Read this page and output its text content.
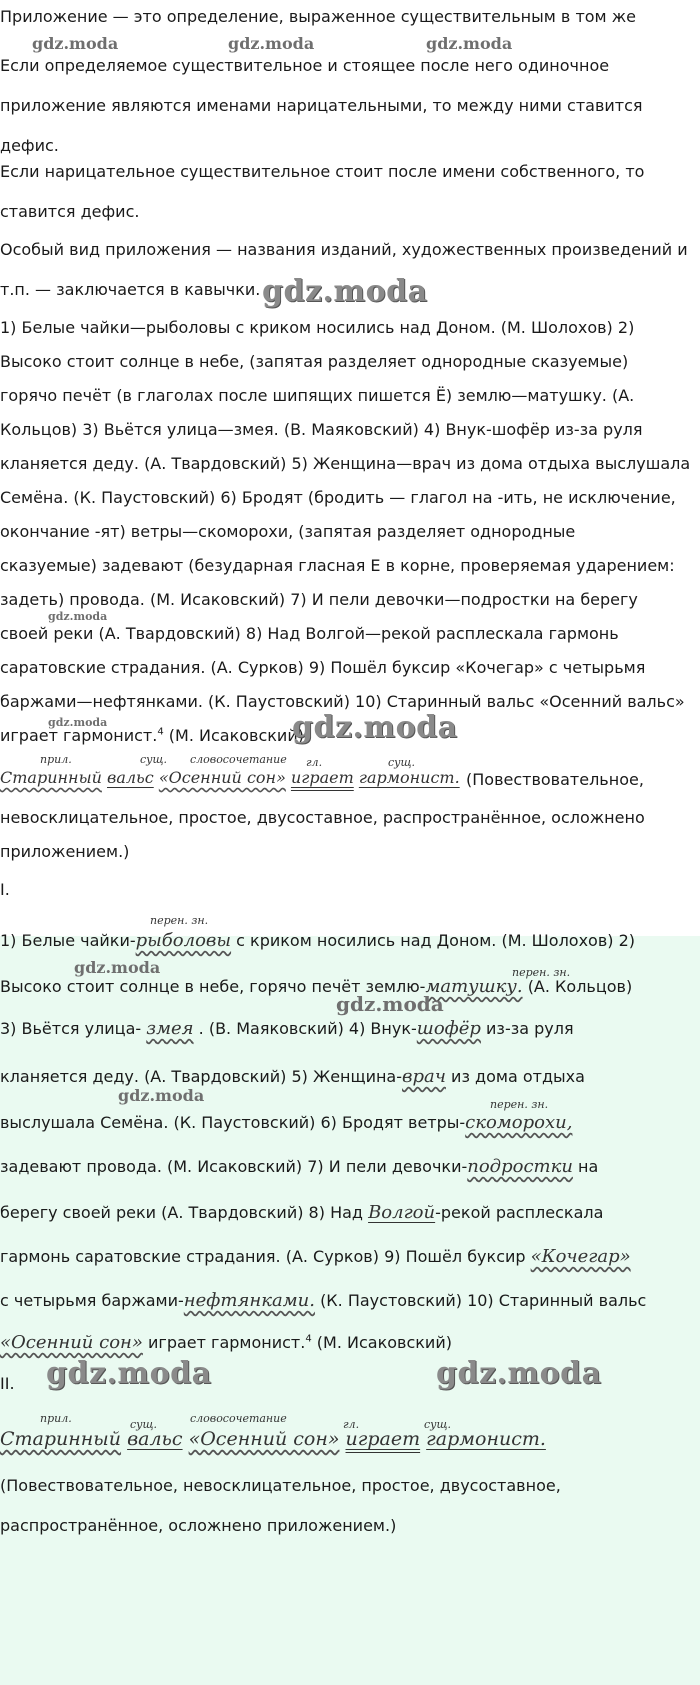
Приложение — это определение, выраженное существительным в том же

Если определяемое существительное и стоящее после него одиночное приложение являются именами нарицательными, то между ними ставится дефис.

Если нарицательное существительное стоит после имени собственного, то ставится дефис.

Особый вид приложения — названия изданий, художественных произведений и т.п. — заключается в кавычки.

1) Белые чайки—рыболовы с криком носились над Доном. (М. Шолохов) 2)
Высоко стоит солнце в небе, (запятая разделяет однородные сказуемые)
горячо печёт (в глаголах после шипящих пишется Ё) землю—матушку. (А.
Кольцов) 3) Вьётся улица—змея. (В. Маяковский) 4) Внук-шофёр из-за руля
кланяется деду. (А. Твардовский) 5) Женщина—врач из дома отдыха выслушала
Семёна. (К. Паустовский) 6) Бродят (бродить — глагол на -ить, не исключение,
окончание -ят) ветры—скоморохи, (запятая разделяет однородные
сказуемые) задевают (безударная гласная Е в корне, проверяемая ударением:
задеть) провода. (М. Исаковский) 7) И пели девочки—подростки на берегу
своей реки (А. Твардовский) 8) Над Волгой—рекой расплескала гармонь
саратовские страдания. (А. Сурков) 9) Пошёл буксир «Кочегар» с четырьмя
баржами—нефтянками. (К. Паустовский) 10) Старинный вальс «Осенний вальс»
играет гармонист.$^4$ (М. Исаковский)
прил.	сущ. словосочетание гл.	сущ.
Старинный вальс «Осенний сон» играет гармонист. (Повествовательное,
невосклицательное, простое, двусоставное, распространённое, осложнено
приложением.)
I.
перен. зн.
1) Белые чайки-рыболовы с криком носились над Доном. (М. Шолохов) 2)
перен. зн.
Высоко стоит солнце в небе, горячо печёт землю-матушку. (А. Кольцов)
3) Вьётся улица- змея . (В. Маяковский) 4) Внук-шофёр из-за руля
кланяется деду. (А. Твардовский) 5) Женщина-врач из дома отдыха
перен. зн.
выслушала Семёна. (К. Паустовский) 6) Бродят ветры-скоморохи,
задевают провода. (М. Исаковский) 7) И пели девочки-подростки на
берегу своей реки (А. Твардовский) 8) Над Волгой-рекой расплескала
гармонь саратовские страдания. (А. Сурков) 9) Пошёл буксир «Кочегар»
с четырьмя баржами-нефтянками. (К. Паустовский) 10) Старинный вальс
«Осенний сон» играет гармонист.$^4$ (М. Исаковский)
II.
прил.	сущ.	словосочетание	гл.	сущ.
Старинный вальс «Осенний сон» играет гармонист.
(Повествовательное, невосклицательное, простое, двусоставное,
распространённое, осложнено приложением.)
gdz.moda	gdz.moda	gdz.moda
gdz.moda
gdz.moda
gdz.moda	gdz.moda
gdz.moda
gdz.moda
gdz.moda
gdz.moda	gdz.moda
